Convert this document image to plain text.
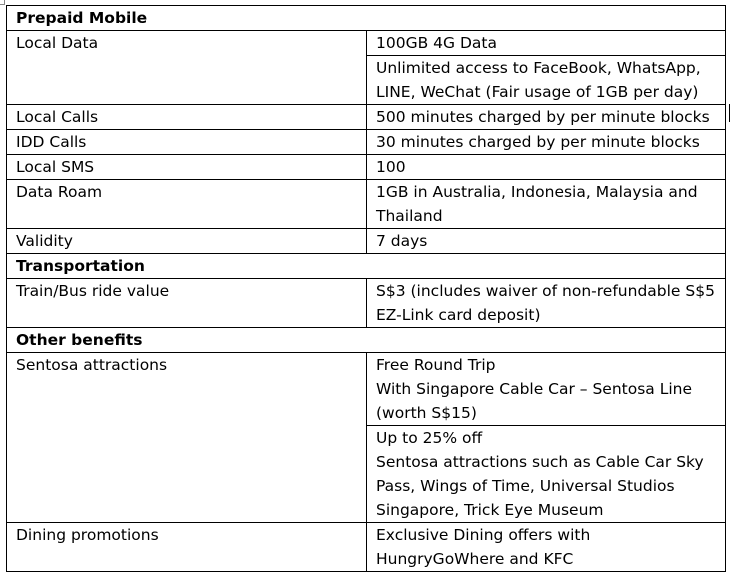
Prepaid Mobile	
Local Data	100GB 4G Data

	Unlimited access to FaceBook, WhatsApp,
LINE, WeChat (Fair usage of 1GB per day)

Local Calls	500 minutes charged by per minute blocks

IDD Calls	30 minutes charged by per minute blocks

Local SMS	100
Data Roam	1GB in Australia, Indonesia, Malaysia and
Thailand

Validity	7 days
Transportation	
Train/Bus ride value	S$3 (includes waiver of non-refundable S$5
EZ-Link card deposit)

Other benefits	
Sentosa attractions	Free Round Trip
With Singapore Cable Car – Sentosa Line
(worth S$15)

	Up to 25% off
Sentosa attractions such as Cable Car Sky
Pass, Wings of Time, Universal Studios
Singapore, Trick Eye Museum

Dining promotions	Exclusive Dining offers with
HungryGoWhere and KFC
